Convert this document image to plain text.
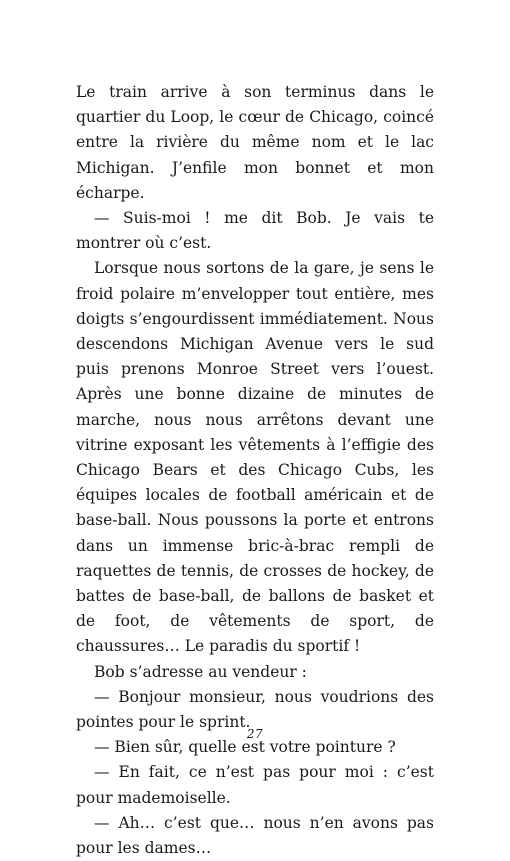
Le train arrive à son terminus dans le quartier du Loop, le cœur de Chicago, coincé entre la rivière du même nom et le lac Michigan. J’enfile mon bonnet et mon écharpe.

— Suis-moi ! me dit Bob. Je vais te montrer où c’est.

Lorsque nous sortons de la gare, je sens le froid polaire m’envelopper tout entière, mes doigts s’engourdissent immédiatement. Nous descendons Michigan Avenue vers le sud puis prenons Monroe Street vers l’ouest. Après une bonne dizaine de minutes de marche, nous nous arrêtons devant une vitrine exposant les vêtements à l’effigie des Chicago Bears et des Chicago Cubs, les équipes locales de football américain et de base-ball. Nous poussons la porte et entrons dans un immense bric-à-brac rempli de raquettes de tennis, de crosses de hockey, de battes de base-ball, de ballons de basket et de foot, de vêtements de sport, de chaussures… Le paradis du sportif !

Bob s’adresse au vendeur :

— Bonjour monsieur, nous voudrions des pointes pour le sprint.

— Bien sûr, quelle est votre pointure ?

— En fait, ce n’est pas pour moi : c’est pour mademoiselle.

— Ah… c’est que… nous n’en avons pas pour les dames…

27
